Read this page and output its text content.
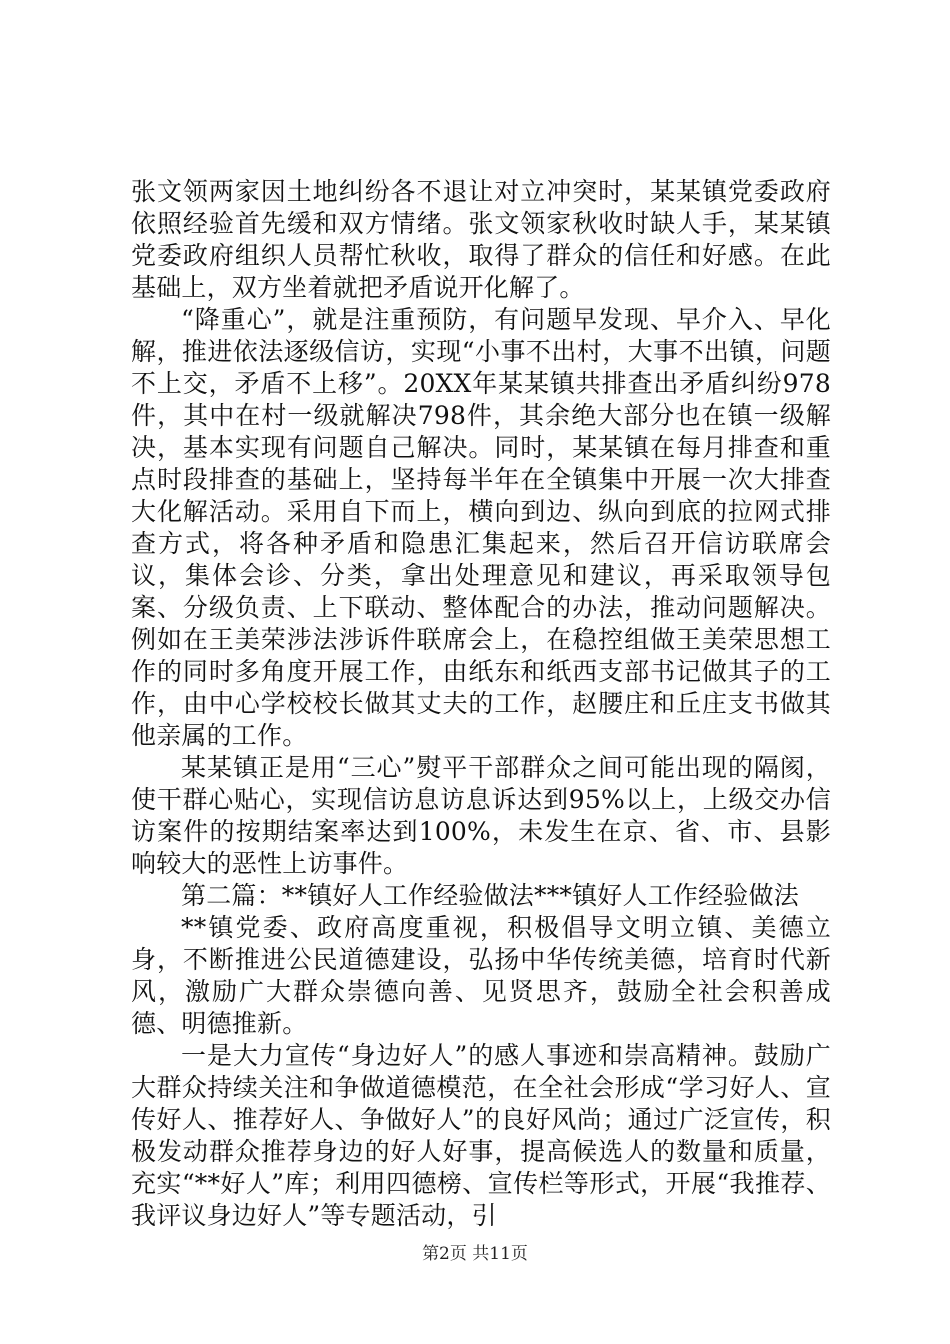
张文领两家因土地纠纷各不退让对立冲突时，某某镇党委政府依照经验首先缓和双方情绪。张文领家秋收时缺人手，某某镇党委政府组织人员帮忙秋收，取得了群众的信任和好感。在此基础上，双方坐着就把矛盾说开化解了。

“降重心”，就是注重预防，有问题早发现、早介入、早化解，推进依法逐级信访，实现“小事不出村，大事不出镇，问题不上交，矛盾不上移”。20XX年某某镇共排查出矛盾纠纷978件，其中在村一级就解决798件，其余绝大部分也在镇一级解决，基本实现有问题自己解决。同时，某某镇在每月排查和重点时段排查的基础上，坚持每半年在全镇集中开展一次大排查大化解活动。采用自下而上，横向到边、纵向到底的拉网式排查方式，将各种矛盾和隐患汇集起来，然后召开信访联席会议，集体会诊、分类，拿出处理意见和建议，再采取领导包案、分级负责、上下联动、整体配合的办法，推动问题解决。例如在王美荣涉法涉诉件联席会上，在稳控组做王美荣思想工作的同时多角度开展工作，由纸东和纸西支部书记做其子的工作，由中心学校校长做其丈夫的工作，赵腰庄和丘庄支书做其他亲属的工作。

某某镇正是用“三心”熨平干部群众之间可能出现的隔阂，使干群心贴心，实现信访息访息诉达到95%以上，上级交办信访案件的按期结案率达到100%，未发生在京、省、市、县影响较大的恶性上访事件。

第二篇：**镇好人工作经验做法***镇好人工作经验做法

**镇党委、政府高度重视，积极倡导文明立镇、美德立身，不断推进公民道德建设，弘扬中华传统美德，培育时代新风，激励广大群众崇德向善、见贤思齐，鼓励全社会积善成德、明德推新。

一是大力宣传“身边好人”的感人事迹和崇高精神。鼓励广大群众持续关注和争做道德模范，在全社会形成“学习好人、宣传好人、推荐好人、争做好人”的良好风尚；通过广泛宣传，积极发动群众推荐身边的好人好事，提高候选人的数量和质量，充实“**好人”库；利用四德榜、宣传栏等形式，开展“我推荐、我评议身边好人”等专题活动，引

第2页 共11页
